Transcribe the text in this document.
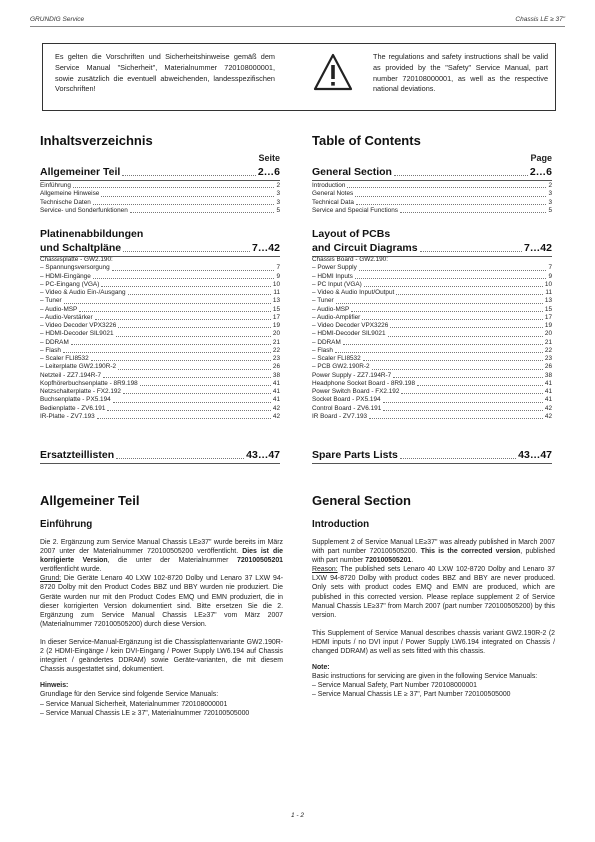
GRUNDIG Service	Chassis LE ≥ 37"
Es gelten die Vorschriften und Sicherheitshinweise gemäß dem Service Manual "Sicherheit", Materialnummer 720108000001, sowie zusätzlich die eventuell abweichenden, landesspezifischen Vorschriften!
The regulations and safety instructions shall be valid as provided by the "Safety" Service Manual, part number 720108000001, as well as the respective national deviations.
Inhaltsverzeichnis
Seite
Allgemeiner Teil	2…6
Einführung	2
Allgemeine Hinweise	3
Technische Daten	3
Service- und Sonderfunktionen	5
Platinenabbildungen
und Schaltpläne	7…42
Chassisplatte - GW2.190:
– Spannungsversorgung	7
– HDMI-Eingänge	9
– PC-Eingang (VGA)	10
– Video & Audio Ein-/Ausgang	11
– Tuner	13
– Audio-MSP	15
– Audio-Verstärker	17
– Video Decoder VPX3226	19
– HDMI-Decoder SIL9021	20
– DDRAM	21
– Flash	22
– Scaler FLI8532	23
– Leiterplatte GW2.190R-2	26
Netzteil - ZZ7.194R-7	38
Kopfhörerbuchsenplatte - 8R9.198	41
Netzschalterplatte - FX2.192	41
Buchsenplatte - PX5.194	41
Bedienplatte - ZV6.191	42
IR-Platte - ZV7.193	42
Ersatzteillisten	43…47
Allgemeiner Teil
Einführung

Die 2. Ergänzung zum Service Manual Chassis LE≥37" wurde bereits im März 2007 unter der Materialnummer 720100505200 veröffentlicht. Dies ist die korrigierte Version, die unter der Materialnummer 720100505201 veröffentlicht wurde.

Grund: Die Geräte Lenaro 40 LXW 102-8720 Dolby und Lenaro 37 LXW 94-8720 Dolby mit den Product Codes BBZ und BBY wurden nie produziert. Die Geräte wurden nur mit den Product Codes EMQ und EMN produziert, die in dieser korrigierten Version dokumentiert sind. Bitte ersetzen Sie die 2. Ergänzung zum Service Manual Chassis LE≥37" vom März 2007 (Materialnummer 720100505200) durch diese Version.

In dieser Service-Manual-Ergänzung ist die Chassisplattenvariante GW2.190R-2 (2 HDMI-Eingänge / kein DVI-Eingang / Power Supply LW6.194 auf Chassis integriert / geändertes DDRAM) sowie Geräte-varianten, die mit diesem Chassis ausgestattet sind, dokumentiert.

Hinweis:

Grundlage für den Service sind folgende Service Manuals:

– Service Manual Sicherheit, Materialnummer 720108000001

– Service Manual Chassis LE ≥ 37", Materialnummer 720100505000

Table of Contents
Page
General Section	2…6
Introduction	2
General Notes	3
Technical Data	3
Service and Special Functions	5
Layout of PCBs
and Circuit Diagrams	7…42
Chassis Board - GW2.190:
– Power Supply	7
– HDMI Inputs	9
– PC Input (VGA)	10
– Video & Audio Input/Output	11
– Tuner	13
– Audio-MSP	15
– Audio-Amplifier	17
– Video Decoder VPX3226	19
– HDMI-Decoder SIL9021	20
– DDRAM	21
– Flash	22
– Scaler FLI8532	23
– PCB GW2.190R-2	26
Power Supply - ZZ7.194R-7	38
Headphone Socket Board - 8R9.198	41
Power Switch Board - FX2.192	41
Socket Board - PX5.194	41
Control Board - ZV6.191	42
IR Board - ZV7.193	42
Spare Parts Lists	43…47
General Section
Introduction

Supplement 2 of Service Manual LE≥37" was already published in March 2007 with part number 720100505200. This is the corrected version, published with part number 720100505201.

Reason: The published sets Lenaro 40 LXW 102-8720 Dolby and Lenaro 37 LXW 94-8720 Dolby with product codes BBZ and BBY are never produced. Only sets with product codes EMQ and EMN are produced, which are published in this corrected version. Please replace supplement 2 of Service Manual Chassis LE≥37" from March 2007 (part number 720100505200) by this version.

This Supplement of Service Manual describes chassis variant GW2.190R-2 (2 HDMI inputs / no DVI input / Power Supply LW6.194 integrated on Chassis / changed DDRAM) as well as sets fitted with this chassis.

Note:

Basic instructions for servicing are given in the following Service Manuals:

– Service Manual Safety, Part Number 720108000001

– Service Manual Chassis LE ≥ 37", Part Number 720100505000

1 - 2
